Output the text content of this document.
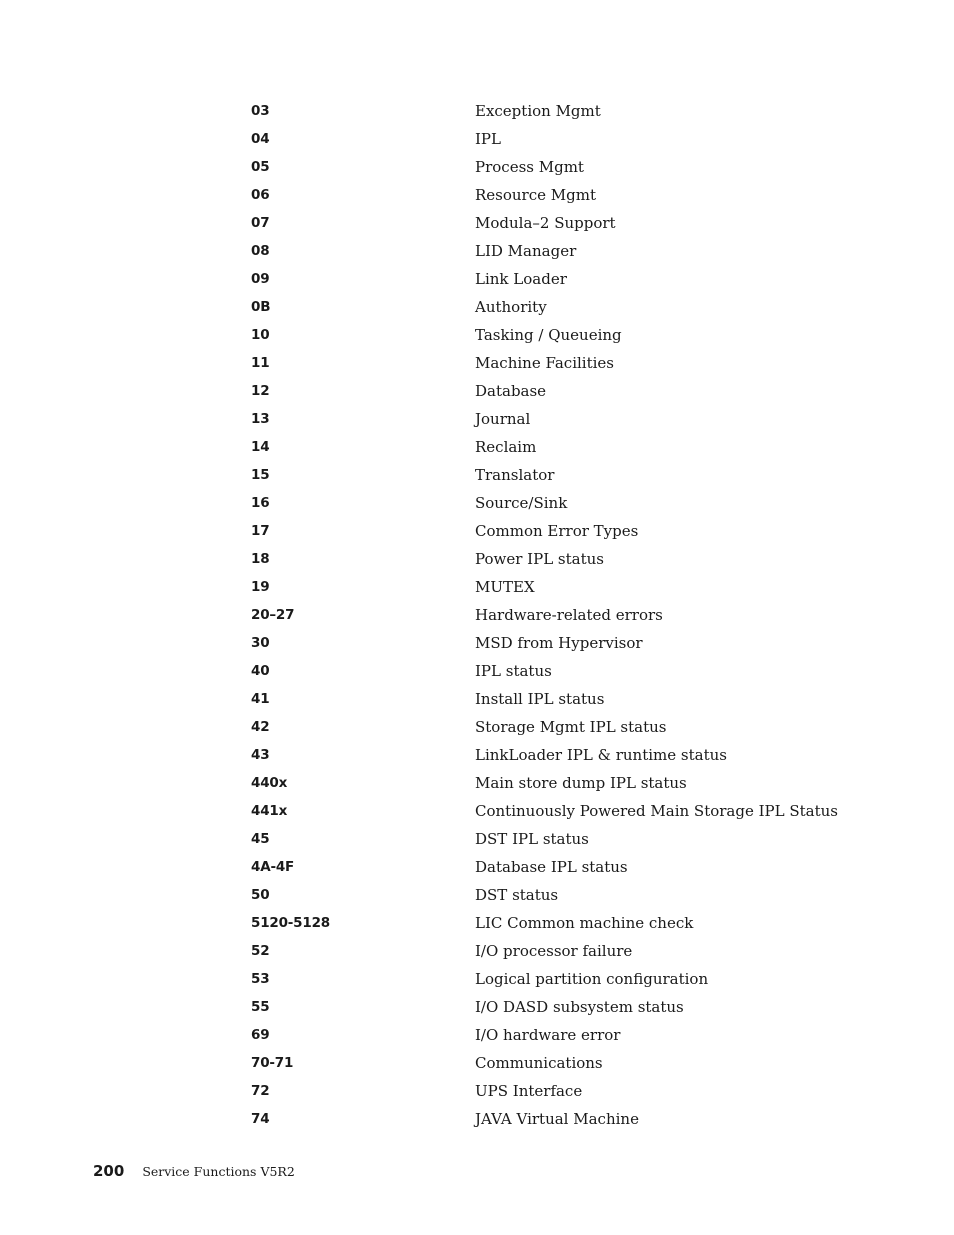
03	Exception Mgmt
04	IPL
05	Process Mgmt
06	Resource Mgmt
07	Modula–2 Support
08	LID Manager
09	Link Loader
0B	Authority
10	Tasking / Queueing
11	Machine Facilities
12	Database
13	Journal
14	Reclaim
15	Translator
16	Source/Sink
17	Common Error Types
18	Power IPL status
19	MUTEX
20–27	Hardware-related errors
30	MSD from Hypervisor
40	IPL status
41	Install IPL status
42	Storage Mgmt IPL status
43	LinkLoader IPL & runtime status
440x	Main store dump IPL status
441x	Continuously Powered Main Storage IPL Status
45	DST IPL status
4A-4F	Database IPL status
50	DST status
5120-5128	LIC Common machine check
52	I/O processor failure
53	Logical partition configuration
55	I/O DASD subsystem status
69	I/O hardware error
70-71	Communications
72	UPS Interface
74	JAVA Virtual Machine
200 Service Functions V5R2
